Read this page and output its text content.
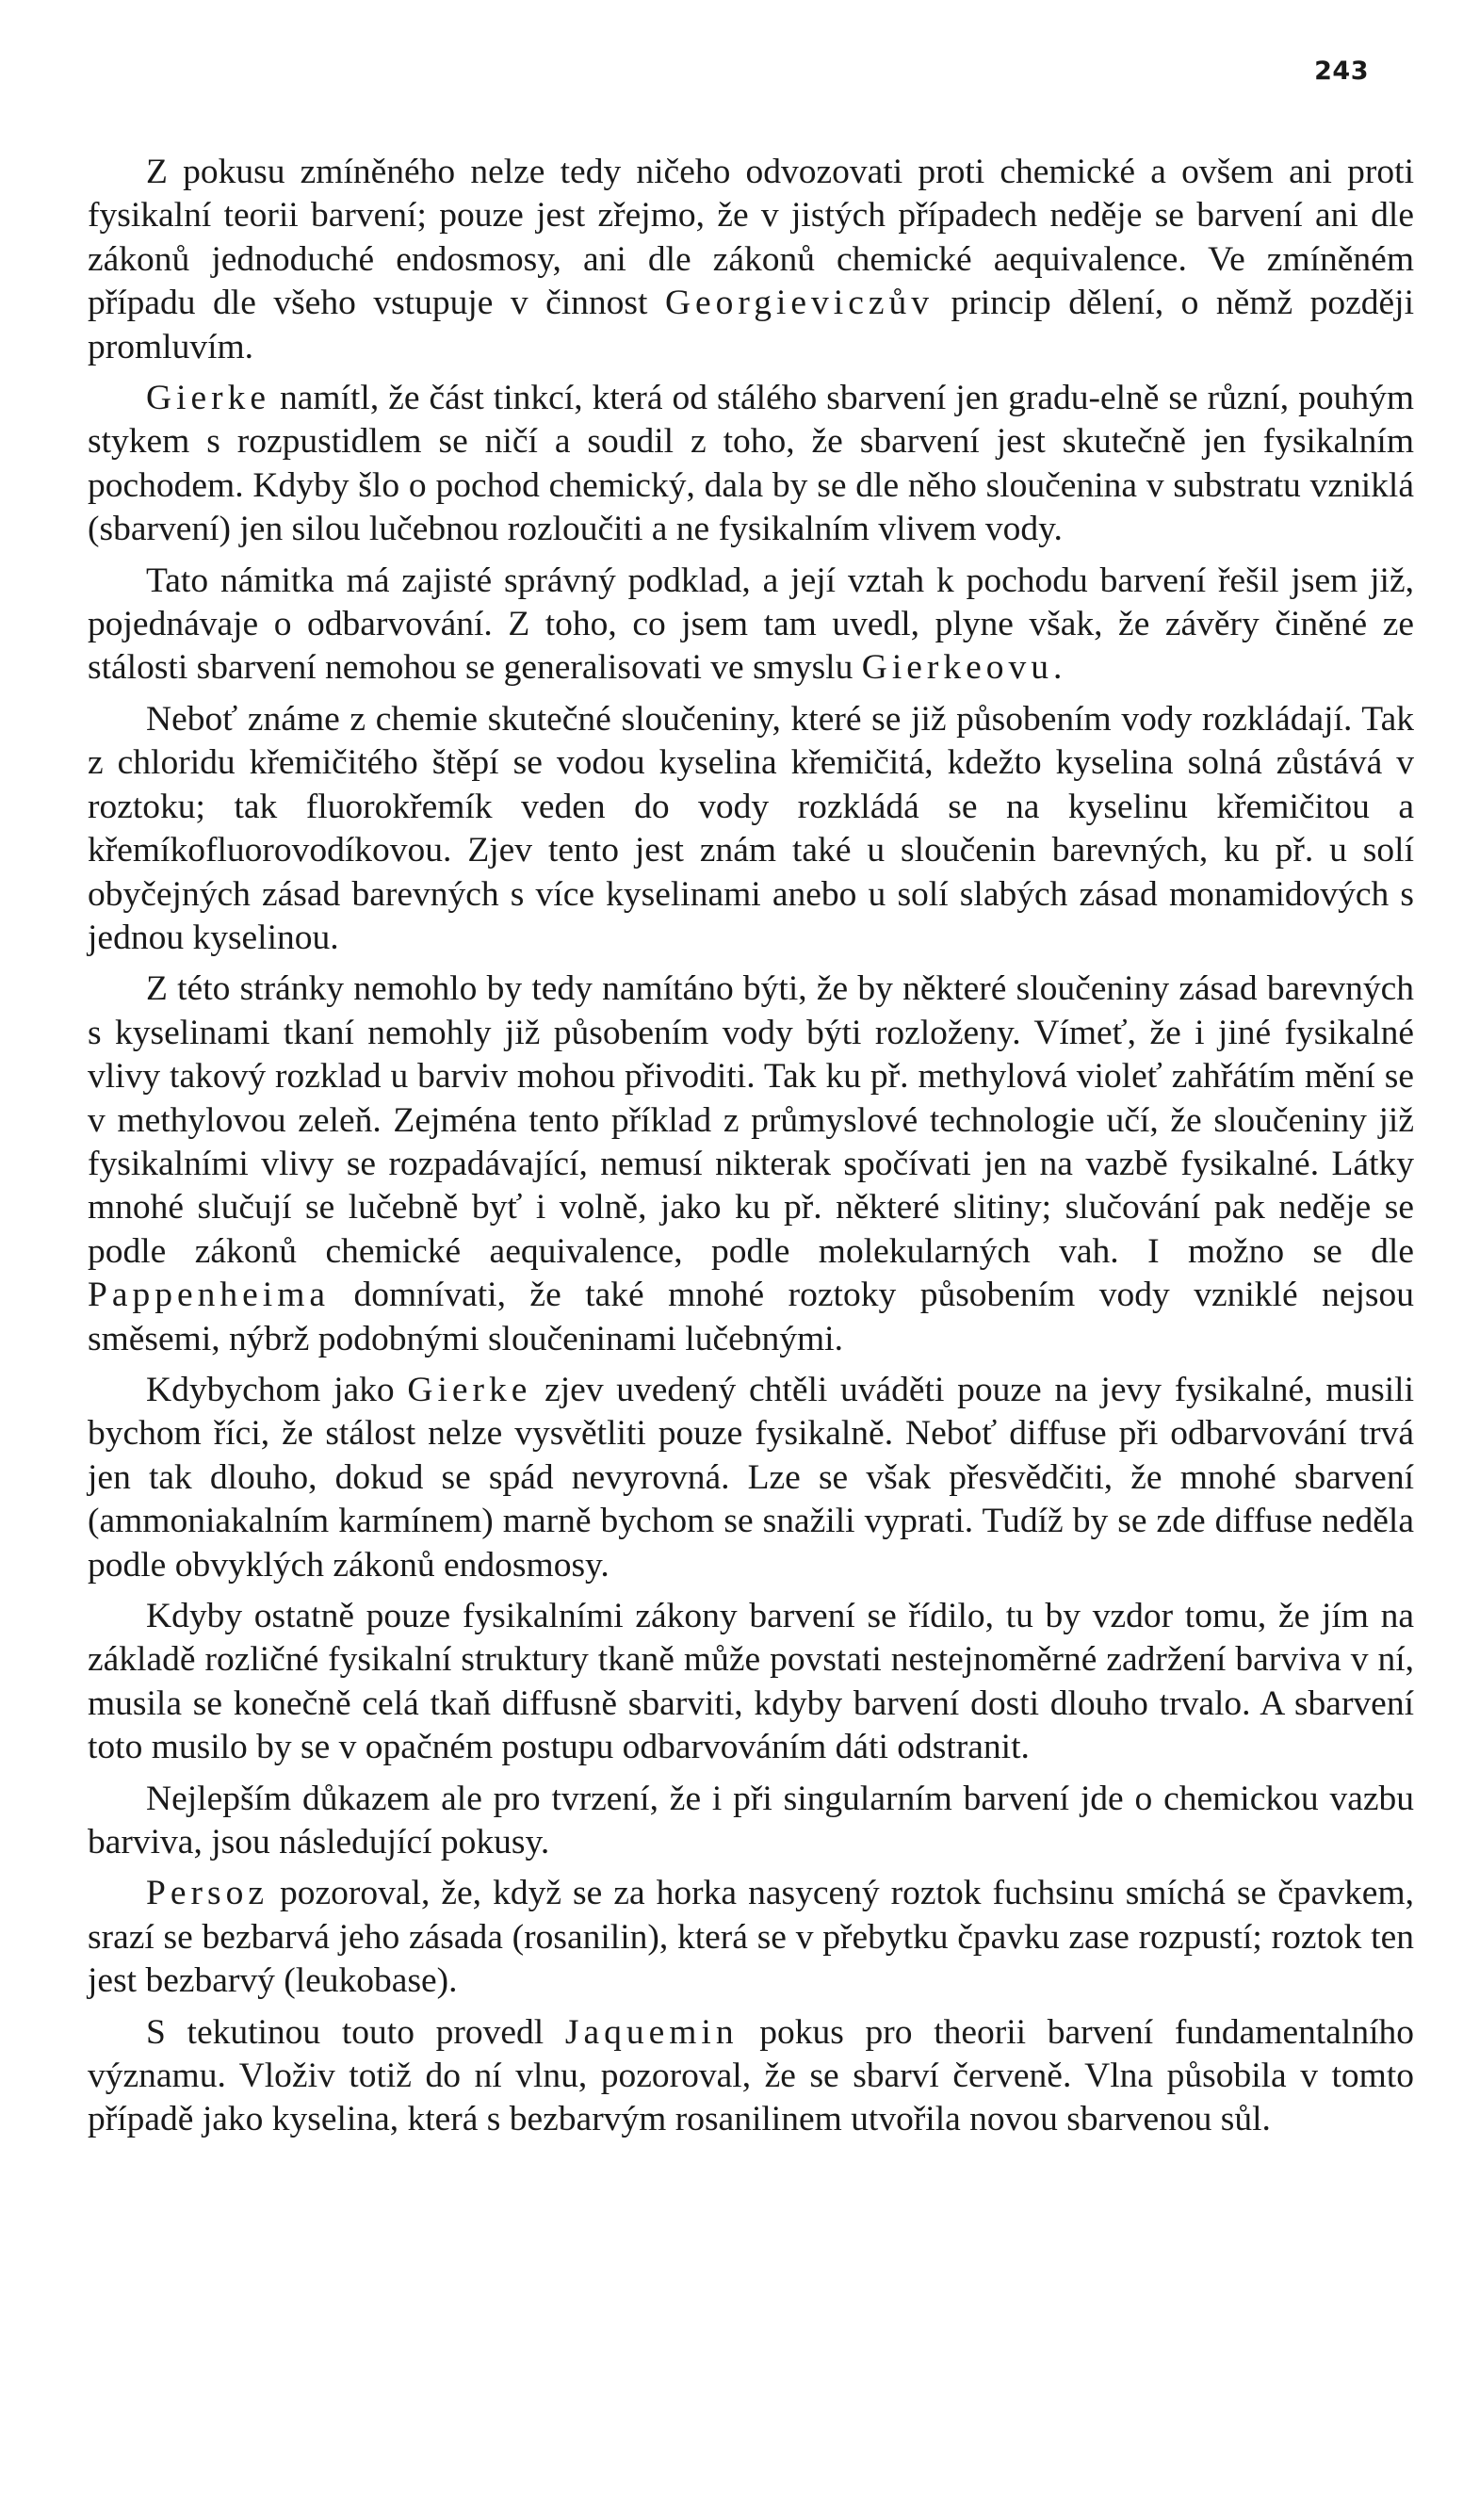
243

Z pokusu zmíněného nelze tedy ničeho odvozovati proti chemické a ovšem ani proti fysikalní teorii barvení; pouze jest zřejmo, že v jistých případech neděje se barvení ani dle zákonů jednoduché endosmosy, ani dle zákonů chemické aequivalence. Ve zmíněném případu dle všeho vstupuje v činnost Georgieviczův princip dělení, o němž později promluvím.

Gierke namítl, že část tinkcí, která od stálého sbarvení jen gradu-elně se různí, pouhým stykem s rozpustidlem se ničí a soudil z toho, že sbarvení jest skutečně jen fysikalním pochodem. Kdyby šlo o pochod chemický, dala by se dle něho sloučenina v substratu vzniklá (sbarvení) jen silou lučebnou rozloučiti a ne fysikalním vlivem vody.

Tato námitka má zajisté správný podklad, a její vztah k pochodu barvení řešil jsem již, pojednávaje o odbarvování. Z toho, co jsem tam uvedl, plyne však, že závěry činěné ze stálosti sbarvení nemohou se generalisovati ve smyslu Gierkeovu.

Neboť známe z chemie skutečné sloučeniny, které se již působením vody rozkládají. Tak z chloridu křemičitého štěpí se vodou kyselina křemičitá, kdežto kyselina solná zůstává v roztoku; tak fluorokřemík veden do vody rozkládá se na kyselinu křemičitou a křemíkofluorovodíkovou. Zjev tento jest znám také u sloučenin barevných, ku př. u solí obyčejných zásad barevných s více kyselinami anebo u solí slabých zásad monamidových s jednou kyselinou.

Z této stránky nemohlo by tedy namítáno býti, že by některé sloučeniny zásad barevných s kyselinami tkaní nemohly již působením vody býti rozloženy. Vímeť, že i jiné fysikalné vlivy takový rozklad u barviv mohou přivoditi. Tak ku př. methylová violeť zahřátím mění se v methylovou zeleň. Zejména tento příklad z průmyslové technologie učí, že sloučeniny již fysikalními vlivy se rozpadávající, nemusí nikterak spočívati jen na vazbě fysikalné. Látky mnohé slučují se lučebně byť i volně, jako ku př. některé slitiny; slučování pak neděje se podle zákonů chemické aequivalence, podle molekularných vah. I možno se dle Pappenheima domnívati, že také mnohé roztoky působením vody vzniklé nejsou směsemi, nýbrž podobnými sloučeninami lučebnými.

Kdybychom jako Gierke zjev uvedený chtěli uváděti pouze na jevy fysikalné, musili bychom říci, že stálost nelze vysvětliti pouze fysikalně. Neboť diffuse při odbarvování trvá jen tak dlouho, dokud se spád nevyrovná. Lze se však přesvědčiti, že mnohé sbarvení (ammoniakalním karmínem) marně bychom se snažili vyprati. Tudíž by se zde diffuse neděla podle obvyklých zákonů endosmosy.

Kdyby ostatně pouze fysikalními zákony barvení se řídilo, tu by vzdor tomu, že jím na základě rozličné fysikalní struktury tkaně může povstati nestejnoměrné zadržení barviva v ní, musila se konečně celá tkaň diffusně sbarviti, kdyby barvení dosti dlouho trvalo. A sbarvení toto musilo by se v opačném postupu odbarvováním dáti odstranit.

Nejlepším důkazem ale pro tvrzení, že i při singularním barvení jde o chemickou vazbu barviva, jsou následující pokusy.

Persoz pozoroval, že, když se za horka nasycený roztok fuchsinu smíchá se čpavkem, srazí se bezbarvá jeho zásada (rosanilin), která se v přebytku čpavku zase rozpustí; roztok ten jest bezbarvý (leukobase).

S tekutinou touto provedl Jaquemin pokus pro theorii barvení fundamentalního významu. Vloživ totiž do ní vlnu, pozoroval, že se sbarví červeně. Vlna působila v tomto případě jako kyselina, která s bezbarvým rosanilinem utvořila novou sbarvenou sůl.
